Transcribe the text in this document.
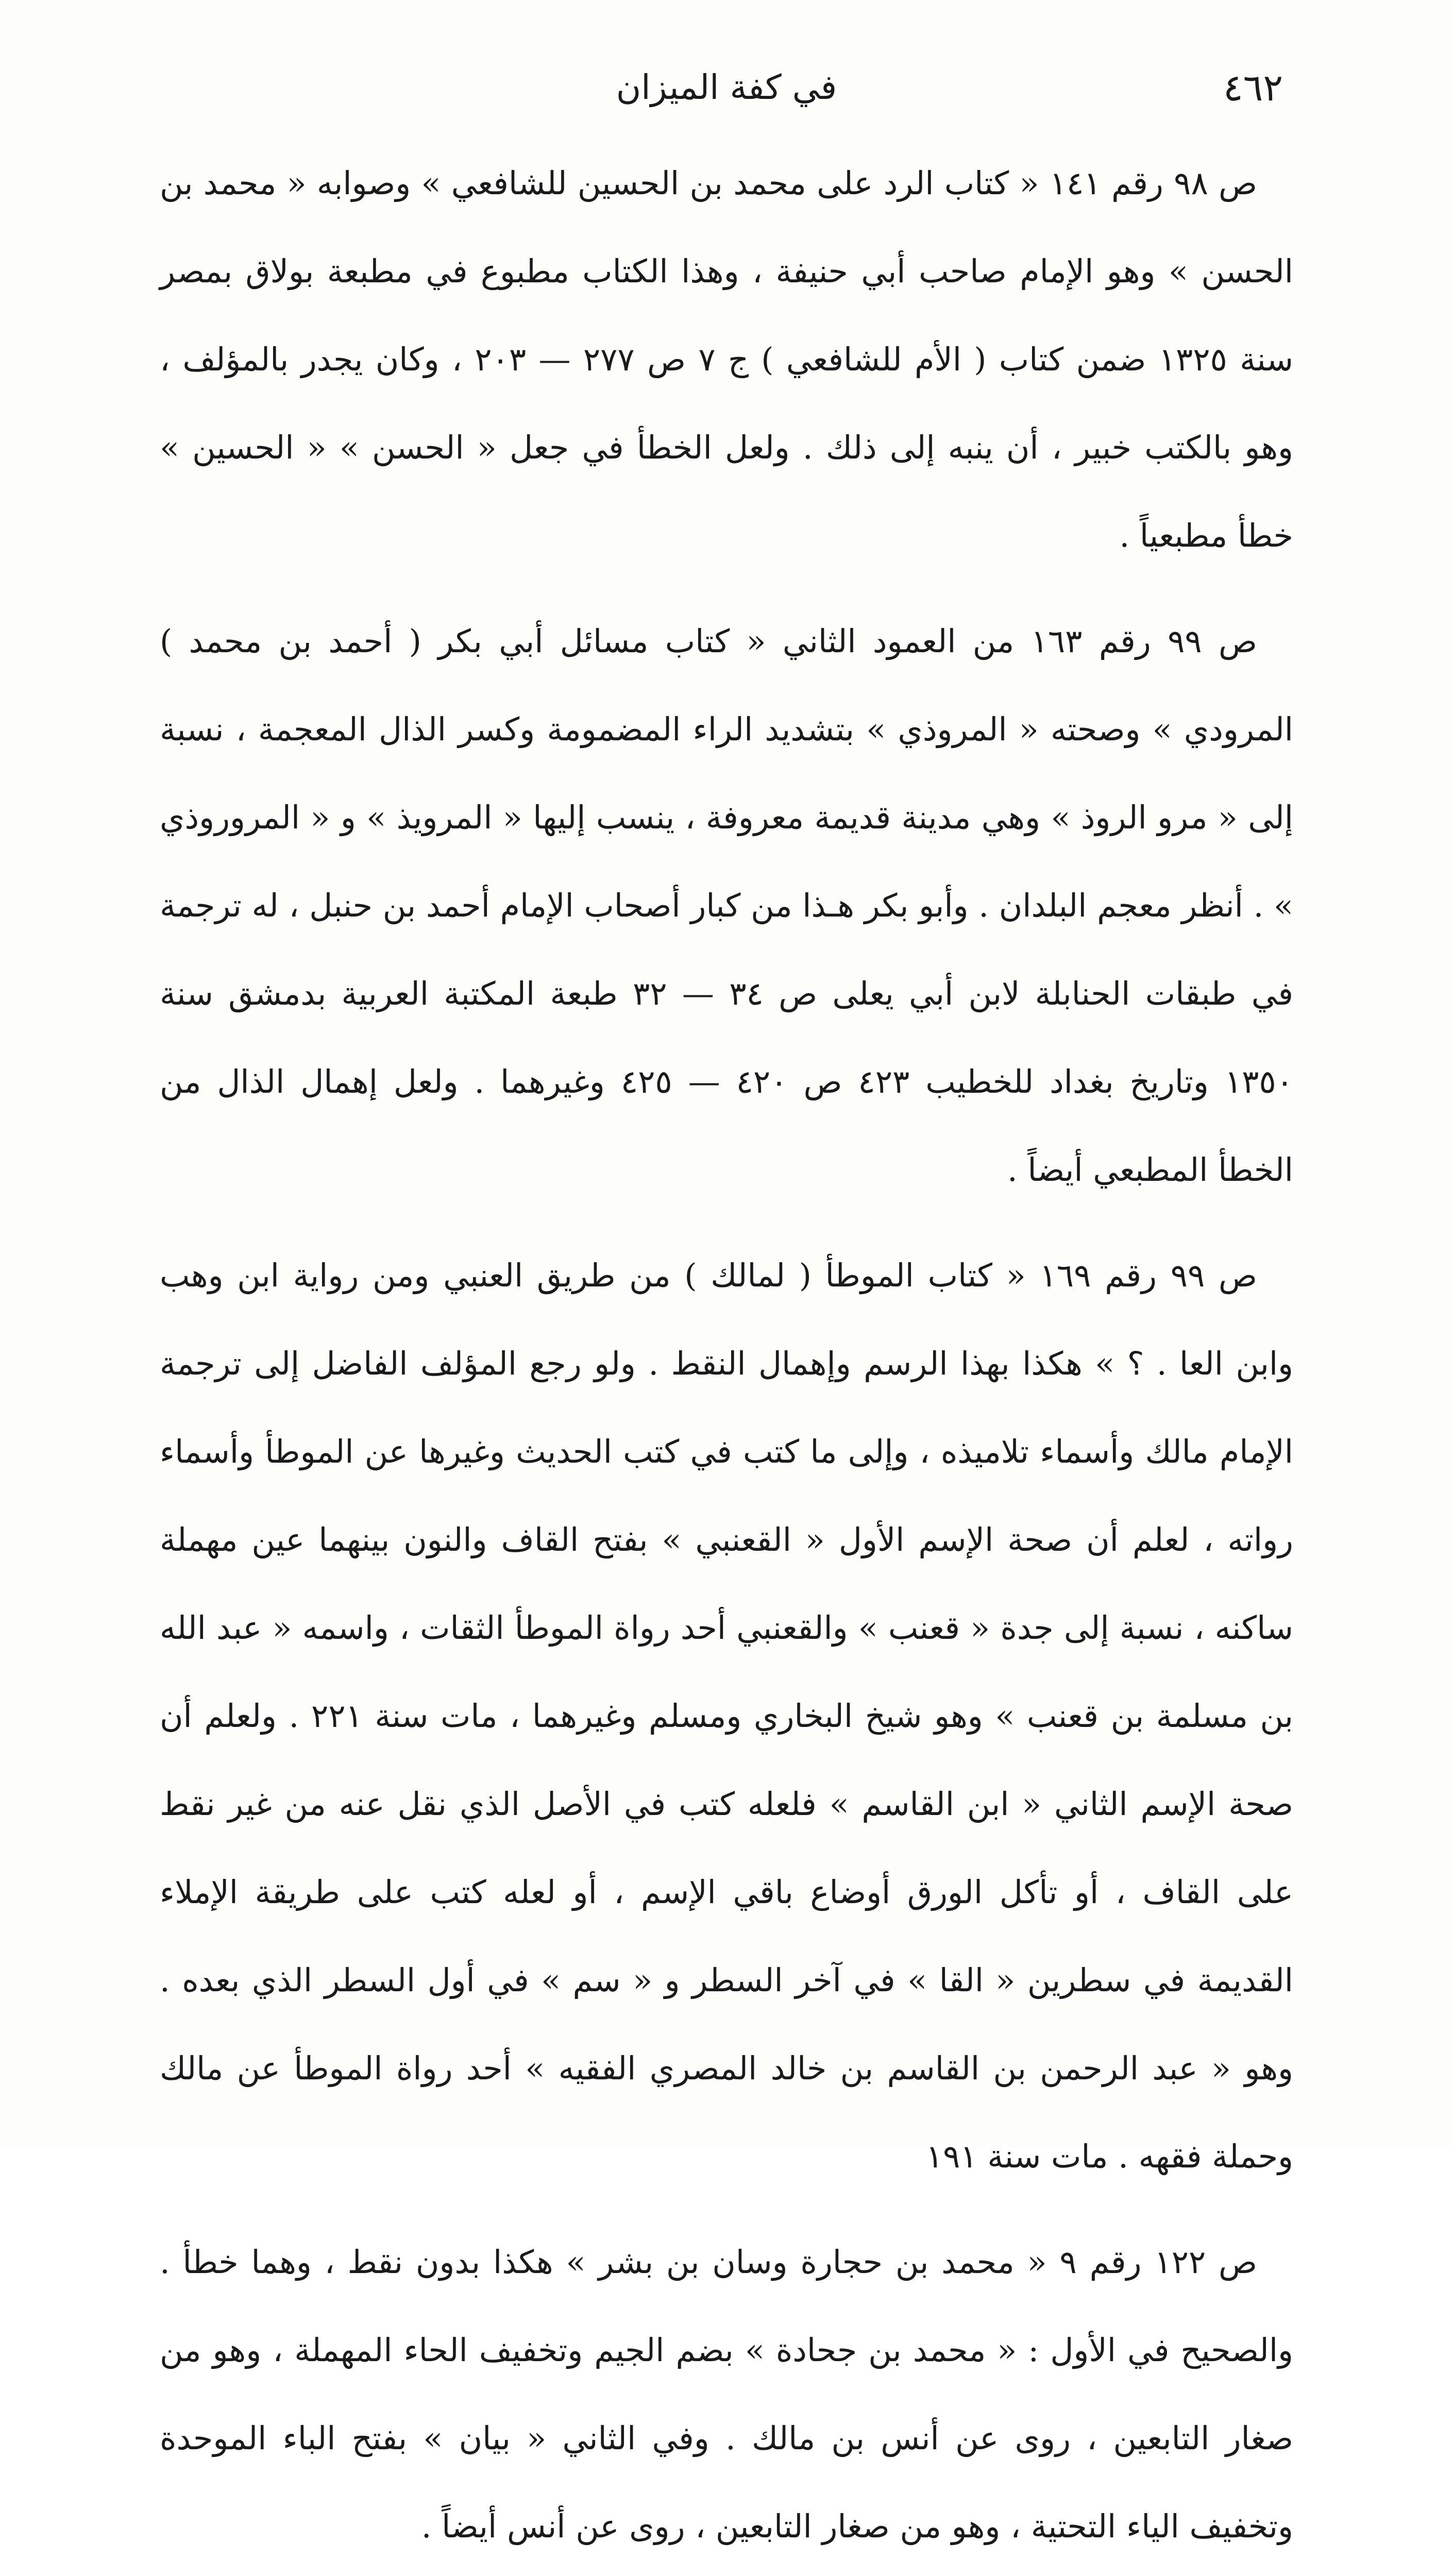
٤٦٢
في كفة الميزان

ص ٩٨ رقم ١٤١ « كتاب الرد على محمد بن الحسين للشافعي » وصوابه « محمد بن الحسن » وهو الإمام صاحب أبي حنيفة ، وهذا الكتاب مطبوع في مطبعة بولاق بمصر سنة ١٣٢٥ ضمن كتاب ( الأم للشافعي ) ج ٧ ص ٢٧٧ — ٢٠٣ ، وكان يجدر بالمؤلف ، وهو بالكتب خبير ، أن ينبه إلى ذلك . ولعل الخطأ في جعل « الحسن » « الحسين » خطأ مطبعياً .

ص ٩٩ رقم ١٦٣ من العمود الثاني « كتاب مسائل أبي بكر ( أحمد بن محمد ) المرودي » وصحته « المروذي » بتشديد الراء المضمومة وكسر الذال المعجمة ، نسبة إلى « مرو الروذ » وهي مدينة قديمة معروفة ، ينسب إليها « المرويذ » و « المروروذي » . أنظر معجم البلدان . وأبو بكر هـذا من كبار أصحاب الإمام أحمد بن حنبل ، له ترجمة في طبقات الحنابلة لابن أبي يعلى ص ٣٤ — ٣٢ طبعة المكتبة العربية بدمشق سنة ١٣٥٠ وتاريخ بغداد للخطيب ٤٢٣ ص ٤٢٠ — ٤٢٥ وغيرهما . ولعل إهمال الذال من الخطأ المطبعي أيضاً .

ص ٩٩ رقم ١٦٩ « كتاب الموطأ ( لمالك ) من طريق العنبي ومن رواية ابن وهب وابن العا . ؟ » هكذا بهذا الرسم وإهمال النقط . ولو رجع المؤلف الفاضل إلى ترجمة الإمام مالك وأسماء تلاميذه ، وإلى ما كتب في كتب الحديث وغيرها عن الموطأ وأسماء رواته ، لعلم أن صحة الإسم الأول « القعنبي » بفتح القاف والنون بينهما عين مهملة ساكنه ، نسبة إلى جدة « قعنب » والقعنبي أحد رواة الموطأ الثقات ، واسمه « عبد الله بن مسلمة بن قعنب » وهو شيخ البخاري ومسلم وغيرهما ، مات سنة ٢٢١ . ولعلم أن صحة الإسم الثاني « ابن القاسم » فلعله كتب في الأصل الذي نقل عنه من غير نقط على القاف ، أو تأكل الورق أوضاع باقي الإسم ، أو لعله كتب على طريقة الإملاء القديمة في سطرين « القا » في آخر السطر و « سم » في أول السطر الذي بعده . وهو « عبد الرحمن بن القاسم بن خالد المصري الفقيه » أحد رواة الموطأ عن مالك وحملة فقهه . مات سنة ١٩١

ص ١٢٢ رقم ٩ « محمد بن حجارة وسان بن بشر » هكذا بدون نقط ، وهما خطأ . والصحيح في الأول : « محمد بن جحادة » بضم الجيم وتخفيف الحاء المهملة ، وهو من صغار التابعين ، روى عن أنس بن مالك . وفي الثاني « بيان » بفتح الباء الموحدة وتخفيف الياء التحتية ، وهو من صغار التابعين ، روى عن أنس أيضاً .
